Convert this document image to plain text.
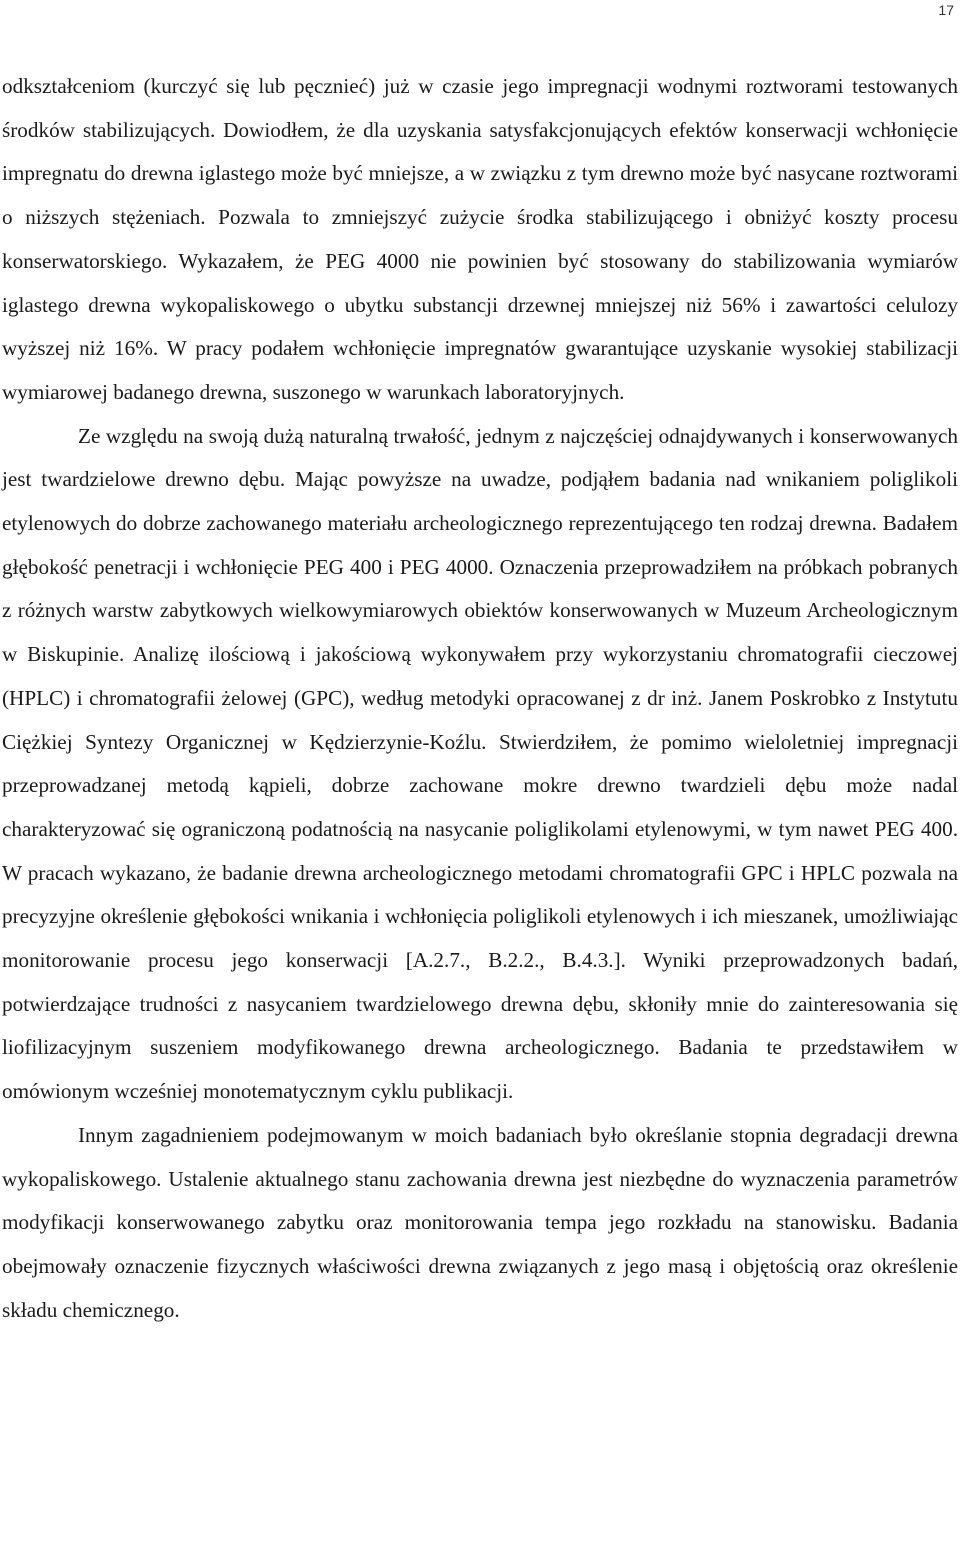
17

odkształceniom (kurczyć się lub pęcznieć) już w czasie jego impregnacji wodnymi roztworami testowanych środków stabilizujących. Dowiodłem, że dla uzyskania satysfakcjonujących efektów konserwacji wchłonięcie impregnatu do drewna iglastego może być mniejsze, a w związku z tym drewno może być nasycane roztworami o niższych stężeniach. Pozwala to zmniejszyć zużycie środka stabilizującego i obniżyć koszty procesu konserwatorskiego. Wykazałem, że PEG 4000 nie powinien być stosowany do stabilizowania wymiarów iglastego drewna wykopaliskowego o ubytku substancji drzewnej mniejszej niż 56% i zawartości celulozy wyższej niż 16%. W pracy podałem wchłonięcie impregnatów gwarantujące uzyskanie wysokiej stabilizacji wymiarowej badanego drewna, suszonego w warunkach laboratoryjnych.

Ze względu na swoją dużą naturalną trwałość, jednym z najczęściej odnajdywanych i konserwowanych jest twardzielowe drewno dębu. Mając powyższe na uwadze, podjąłem badania nad wnikaniem poliglikoli etylenowych do dobrze zachowanego materiału archeologicznego reprezentującego ten rodzaj drewna. Badałem głębokość penetracji i wchłonięcie PEG 400 i PEG 4000. Oznaczenia przeprowadziłem na próbkach pobranych z różnych warstw zabytkowych wielkowymiarowych obiektów konserwowanych w Muzeum Archeologicznym w Biskupinie. Analizę ilościową i jakościową wykonywałem przy wykorzystaniu chromatografii cieczowej (HPLC) i chromatografii żelowej (GPC), według metodyki opracowanej z dr inż. Janem Poskrobko z Instytutu Ciężkiej Syntezy Organicznej w Kędzierzynie-Koźlu. Stwierdziłem, że pomimo wieloletniej impregnacji przeprowadzanej metodą kąpieli, dobrze zachowane mokre drewno twardzieli dębu może nadal charakteryzować się ograniczoną podatnością na nasycanie poliglikolami etylenowymi, w tym nawet PEG 400. W pracach wykazano, że badanie drewna archeologicznego metodami chromatografii GPC i HPLC pozwala na precyzyjne określenie głębokości wnikania i wchłonięcia poliglikoli etylenowych i ich mieszanek, umożliwiając monitorowanie procesu jego konserwacji [A.2.7., B.2.2., B.4.3.]. Wyniki przeprowadzonych badań, potwierdzające trudności z nasycaniem twardzielowego drewna dębu, skłoniły mnie do zainteresowania się liofilizacyjnym suszeniem modyfikowanego drewna archeologicznego. Badania te przedstawiłem w omówionym wcześniej monotematycznym cyklu publikacji.

Innym zagadnieniem podejmowanym w moich badaniach było określanie stopnia degradacji drewna wykopaliskowego. Ustalenie aktualnego stanu zachowania drewna jest niezbędne do wyznaczenia parametrów modyfikacji konserwowanego zabytku oraz monitorowania tempa jego rozkładu na stanowisku. Badania obejmowały oznaczenie fizycznych właściwości drewna związanych z jego masą i objętością oraz określenie składu chemicznego.
